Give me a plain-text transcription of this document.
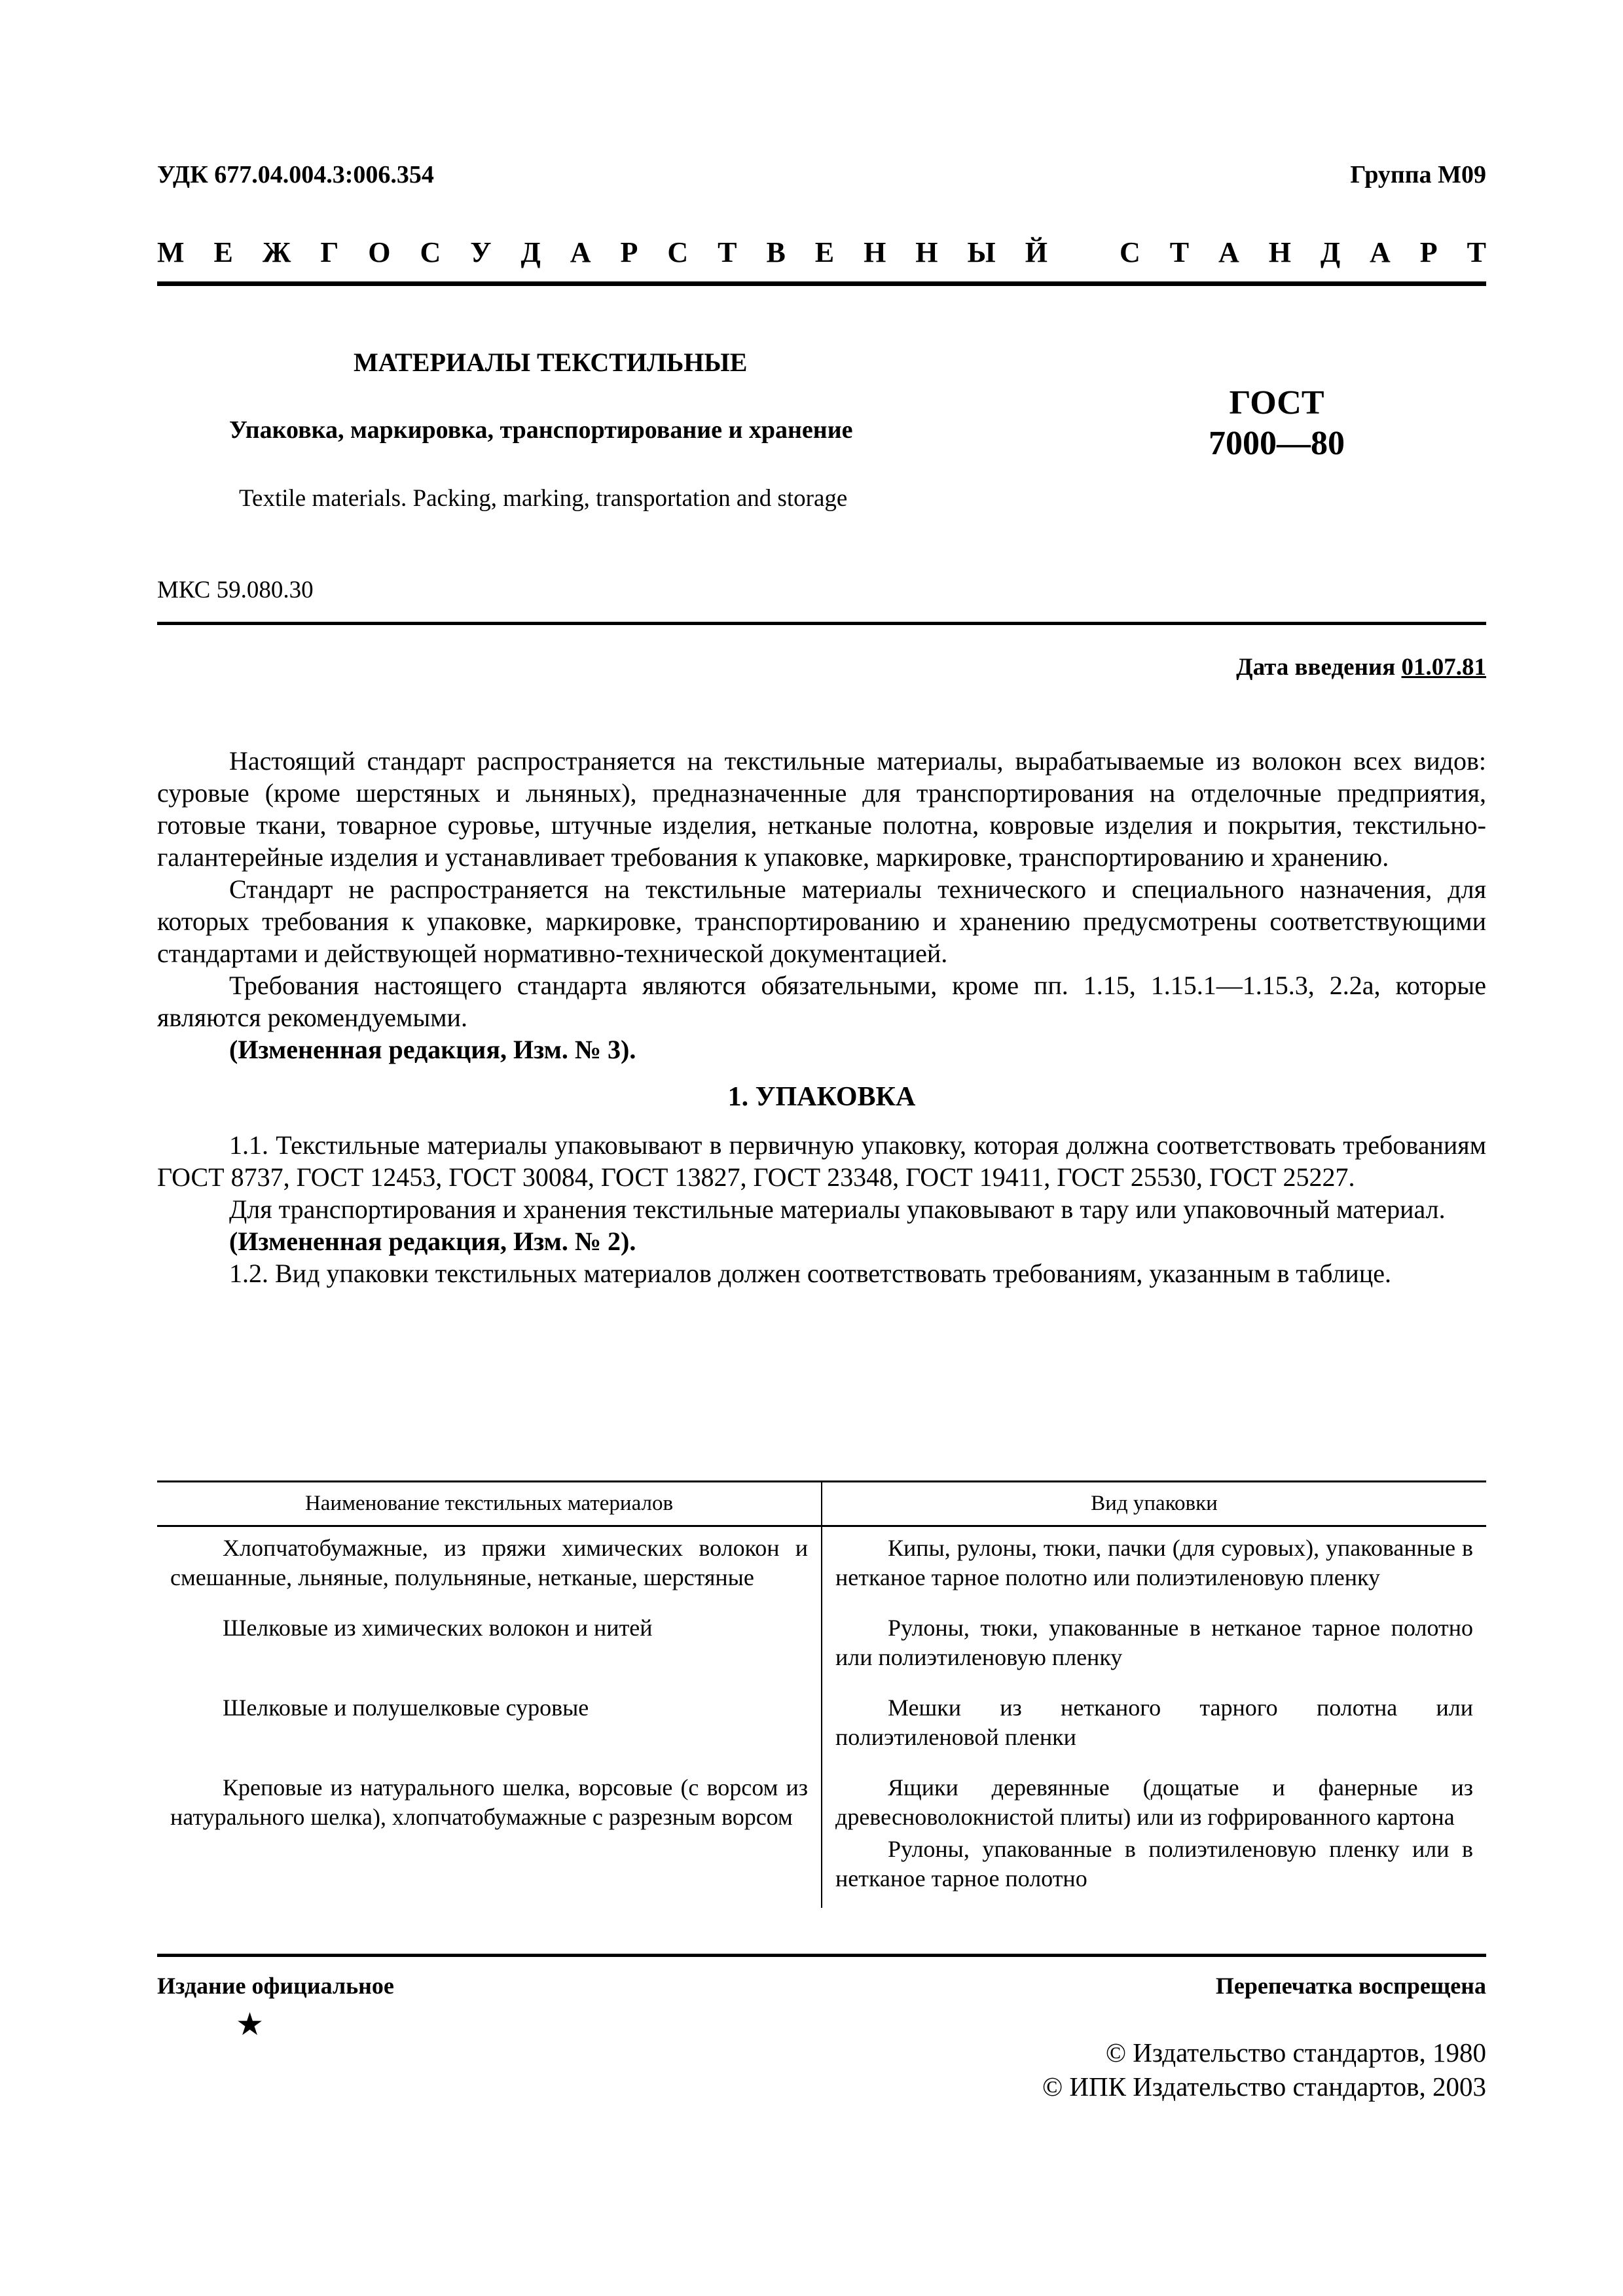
УДК 677.04.004.3:006.354	Группа М09
М Е Ж Г О С У Д А Р С Т В Е Н Н Ы Й	С Т А Н Д А Р Т
МАТЕРИАЛЫ ТЕКСТИЛЬНЫЕ
Упаковка, маркировка, транспортирование и хранение
Textile materials. Packing, marking, transportation and storage
ГОСТ
7000—80
МКС 59.080.30
Дата введения 01.07.81

Настоящий стандарт распространяется на текстильные материалы, вырабатываемые из волокон всех видов: суровые (кроме шерстяных и льняных), предназначенные для транспортирования на отделочные предприятия, готовые ткани, товарное суровье, штучные изделия, нетканые полотна, ковровые изделия и покрытия, текстильно-галантерейные изделия и устанавливает требования к упаковке, маркировке, транспортированию и хранению.

Стандарт не распространяется на текстильные материалы технического и специального назначения, для которых требования к упаковке, маркировке, транспортированию и хранению предусмотрены соответствующими стандартами и действующей нормативно-технической документацией.

Требования настоящего стандарта являются обязательными, кроме пп. 1.15, 1.15.1—1.15.3, 2.2а, которые являются рекомендуемыми.

(Измененная редакция, Изм. № 3).

1. УПАКОВКА

1.1. Текстильные материалы упаковывают в первичную упаковку, которая должна соответствовать требованиям ГОСТ 8737, ГОСТ 12453, ГОСТ 30084, ГОСТ 13827, ГОСТ 23348, ГОСТ 19411, ГОСТ 25530, ГОСТ 25227.

Для транспортирования и хранения текстильные материалы упаковывают в тару или упаковочный материал.

(Измененная редакция, Изм. № 2).

1.2. Вид упаковки текстильных материалов должен соответствовать требованиям, указанным в таблице.

Наименование текстильных материалов	Вид упаковки

Хлопчатобумажные, из пряжи химических волокон и смешанные, льняные, полульняные, нетканые, шерстяные	Кипы, рулоны, тюки, пачки (для суровых), упакованные в нетканое тарное полотно или полиэтиленовую пленку

Шелковые из химических волокон и нитей	Рулоны, тюки, упакованные в нетканое тарное полотно или полиэтиленовую пленку

Шелковые и полушелковые суровые	Мешки из нетканого тарного полотна или полиэтиленовой пленки

Креповые из натурального шелка, ворсовые (с ворсом из натурального шелка), хлопчатобумажные с разрезным ворсом	Ящики деревянные (дощатые и фанерные из древесноволокнистой плиты) или из гофрированного картона
Рулоны, упакованные в полиэтиленовую пленку или в нетканое тарное полотно
Издание официальное	Перепечатка воспрещена
★
© Издательство стандартов, 1980
© ИПК Издательство стандартов, 2003
